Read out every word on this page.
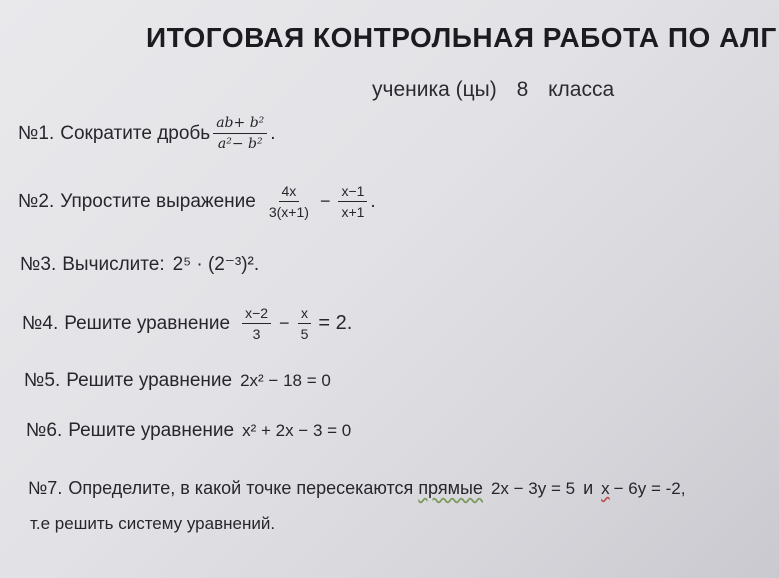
ИТОГОВАЯ КОНТРОЛЬНАЯ РАБОТА ПО АЛГ
ученика (цы) 8 класса
№1. Сократите дробь $\frac{\text{ab+ b²}}{\text{a²− b²}}$ .
№2. Упростите выражение $\frac{4x}{3(x+1)} - \frac{x-1}{x+1}$ .
№3. Вычислите: 2⁵ · (2⁻³)².
№4. Решите уравнение $\frac{x-2}{3} - \frac{x}{5} = 2$.
№5. Решите уравнение 2x² − 18 = 0
№6. Решите уравнение x² + 2x − 3 = 0
№7. Определите, в какой точке пересекаются прямые 2x − 3y = 5 и x − 6y = -2,
т.е решить систему уравнений.
